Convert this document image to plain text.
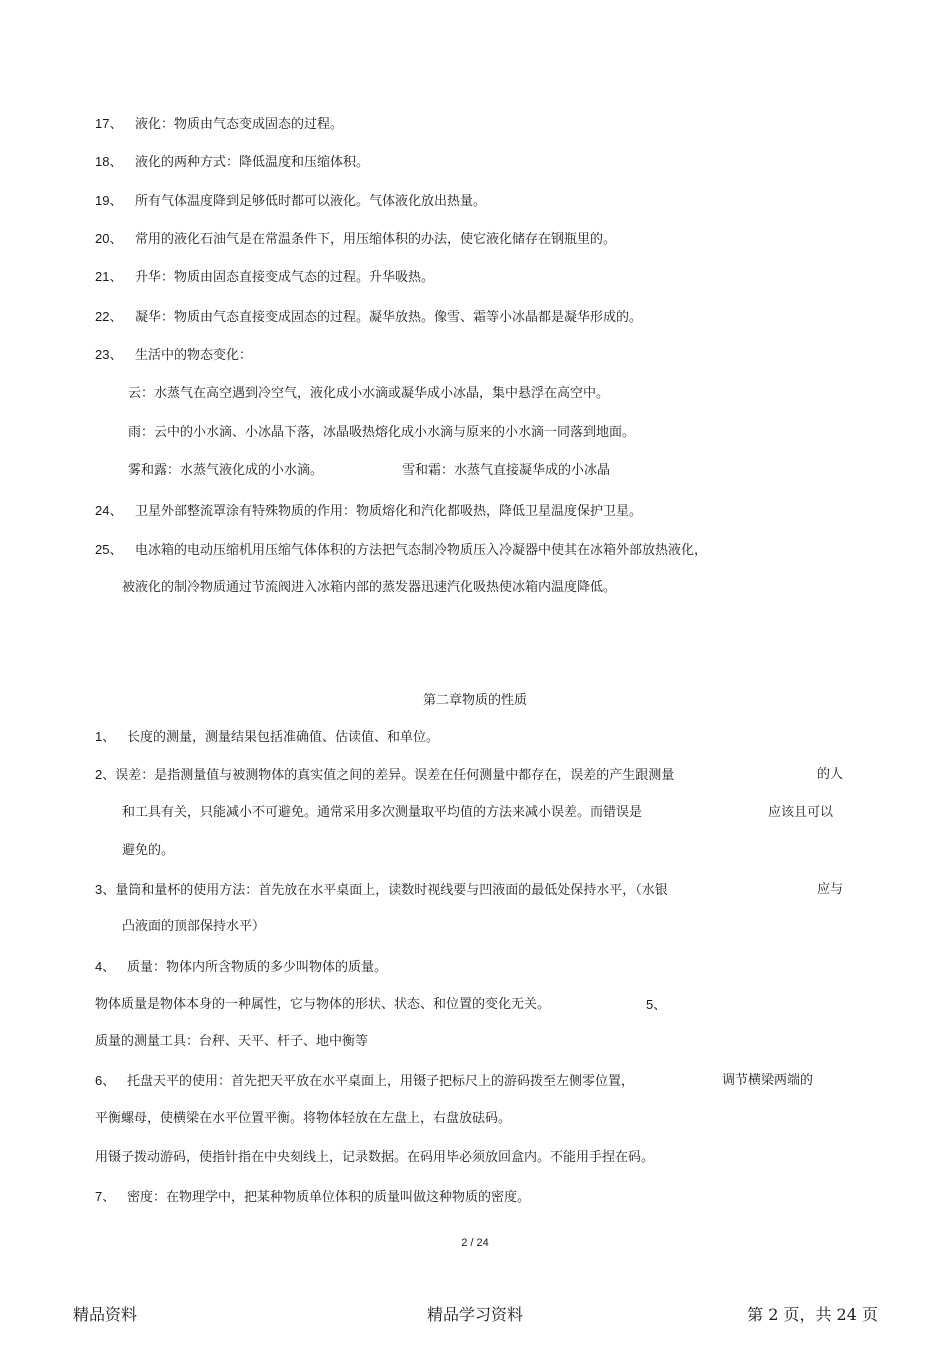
17、 液化：物质由气态变成固态的过程。
18、 液化的两种方式：降低温度和压缩体积。
19、 所有气体温度降到足够低时都可以液化。气体液化放出热量。
20、 常用的液化石油气是在常温条件下，用压缩体积的办法，使它液化储存在钢瓶里的。
21、 升华：物质由固态直接变成气态的过程。升华吸热。
22、 凝华：物质由气态直接变成固态的过程。凝华放热。像雪、霜等小冰晶都是凝华形成的。
23、 生活中的物态变化：
云：水蒸气在高空遇到冷空气，液化成小水滴或凝华成小冰晶，集中悬浮在高空中。
雨：云中的小水滴、小冰晶下落，冰晶吸热熔化成小水滴与原来的小水滴一同落到地面。
雾和露：水蒸气液化成的小水滴。	雪和霜：水蒸气直接凝华成的小冰晶
24、 卫星外部整流罩涂有特殊物质的作用：物质熔化和汽化都吸热，降低卫星温度保护卫星。
25、 电冰箱的电动压缩机用压缩气体体积的方法把气态制冷物质压入冷凝器中使其在冰箱外部放热液化，
被液化的制冷物质通过节流阀进入冰箱内部的蒸发器迅速汽化吸热使冰箱内温度降低。
第二章物质的性质
1、 长度的测量，测量结果包括准确值、估读值、和单位。
2、误差：是指测量值与被测物体的真实值之间的差异。误差在任何测量中都存在，误差的产生跟测量	的人
和工具有关，只能减小不可避免。通常采用多次测量取平均值的方法来减小误差。而错误是	应该且可以
避免的。
3、量筒和量杯的使用方法：首先放在水平桌面上，读数时视线要与凹液面的最低处保持水平，（水银	应与
凸液面的顶部保持水平）
4、 质量：物体内所含物质的多少叫物体的质量。
物体质量是物体本身的一种属性，它与物体的形状、状态、和位置的变化无关。	5、
质量的测量工具：台秤、天平、杆子、地中衡等
6、 托盘天平的使用：首先把天平放在水平桌面上，用镊子把标尺上的游码拨至左侧零位置，	调节横梁两端的
平衡螺母，使横梁在水平位置平衡。将物体轻放在左盘上，右盘放砝码。
用镊子拨动游码，使指针指在中央刻线上，记录数据。在码用毕必须放回盒内。不能用手捏在码。
7、 密度：在物理学中，把某种物质单位体积的质量叫做这种物质的密度。
2 / 24
精品资料	精品学习资料	第 2 页，共 24 页
